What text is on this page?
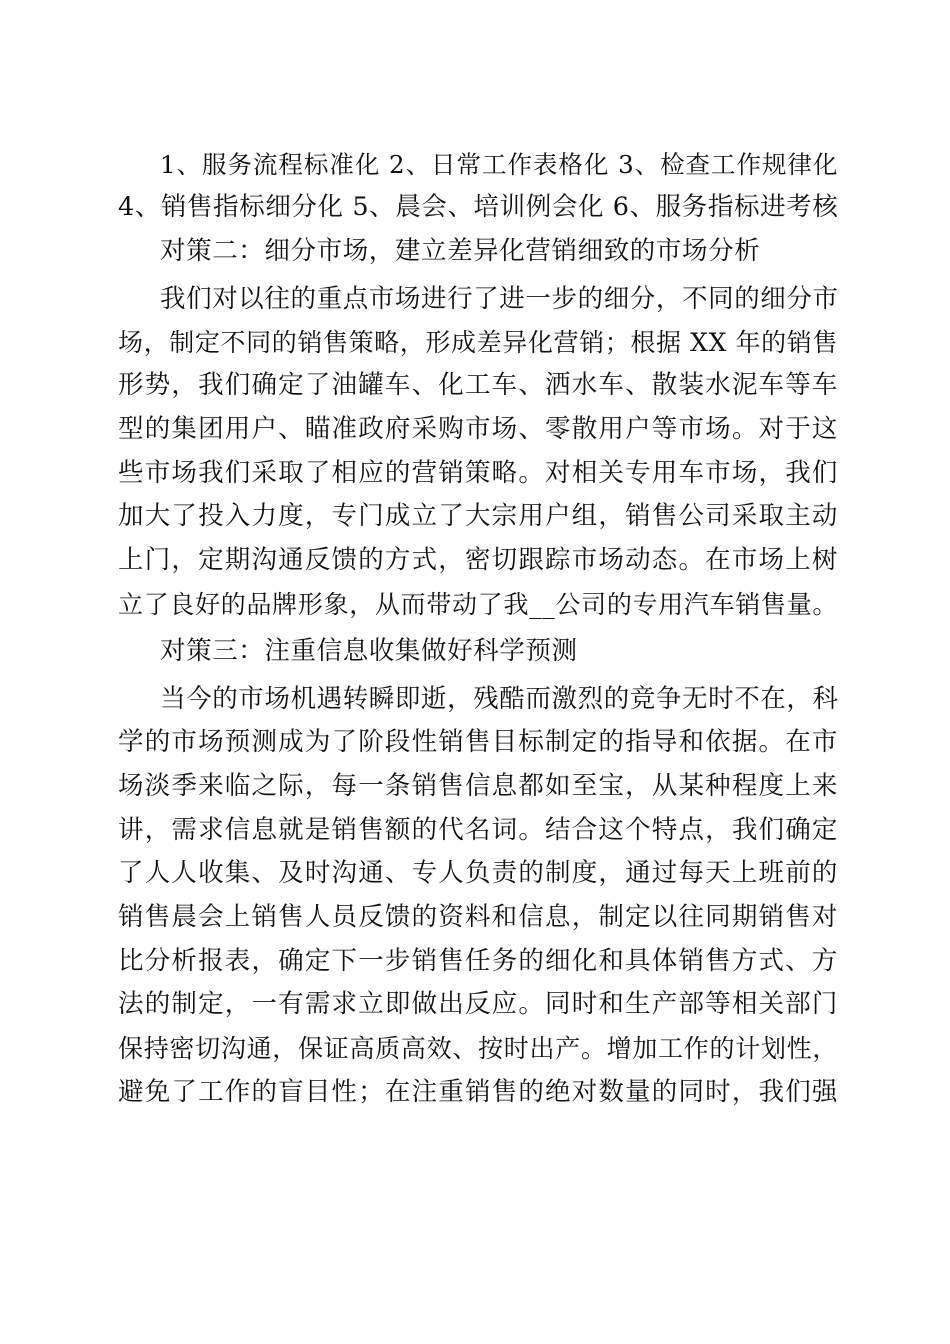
1、服务流程标准化 2、日常工作表格化 3、检查工作规律化
4、销售指标细分化 5、晨会、培训例会化 6、服务指标进考核
对策二：细分市场，建立差异化营销细致的市场分析
我们对以往的重点市场进行了进一步的细分，不同的细分市
场，制定不同的销售策略，形成差异化营销；根据 XX 年的销售
形势，我们确定了油罐车、化工车、洒水车、散装水泥车等车
型的集团用户、瞄准政府采购市场、零散用户等市场。对于这
些市场我们采取了相应的营销策略。对相关专用车市场，我们
加大了投入力度，专门成立了大宗用户组，销售公司采取主动
上门，定期沟通反馈的方式，密切跟踪市场动态。在市场上树
立了良好的品牌形象，从而带动了我__公司的专用汽车销售量。
对策三：注重信息收集做好科学预测
当今的市场机遇转瞬即逝，残酷而激烈的竞争无时不在，科
学的市场预测成为了阶段性销售目标制定的指导和依据。在市
场淡季来临之际，每一条销售信息都如至宝，从某种程度上来
讲，需求信息就是销售额的代名词。结合这个特点，我们确定
了人人收集、及时沟通、专人负责的制度，通过每天上班前的
销售晨会上销售人员反馈的资料和信息，制定以往同期销售对
比分析报表，确定下一步销售任务的细化和具体销售方式、方
法的制定，一有需求立即做出反应。同时和生产部等相关部门
保持密切沟通，保证高质高效、按时出产。增加工作的计划性，
避免了工作的盲目性；在注重销售的绝对数量的同时，我们强
